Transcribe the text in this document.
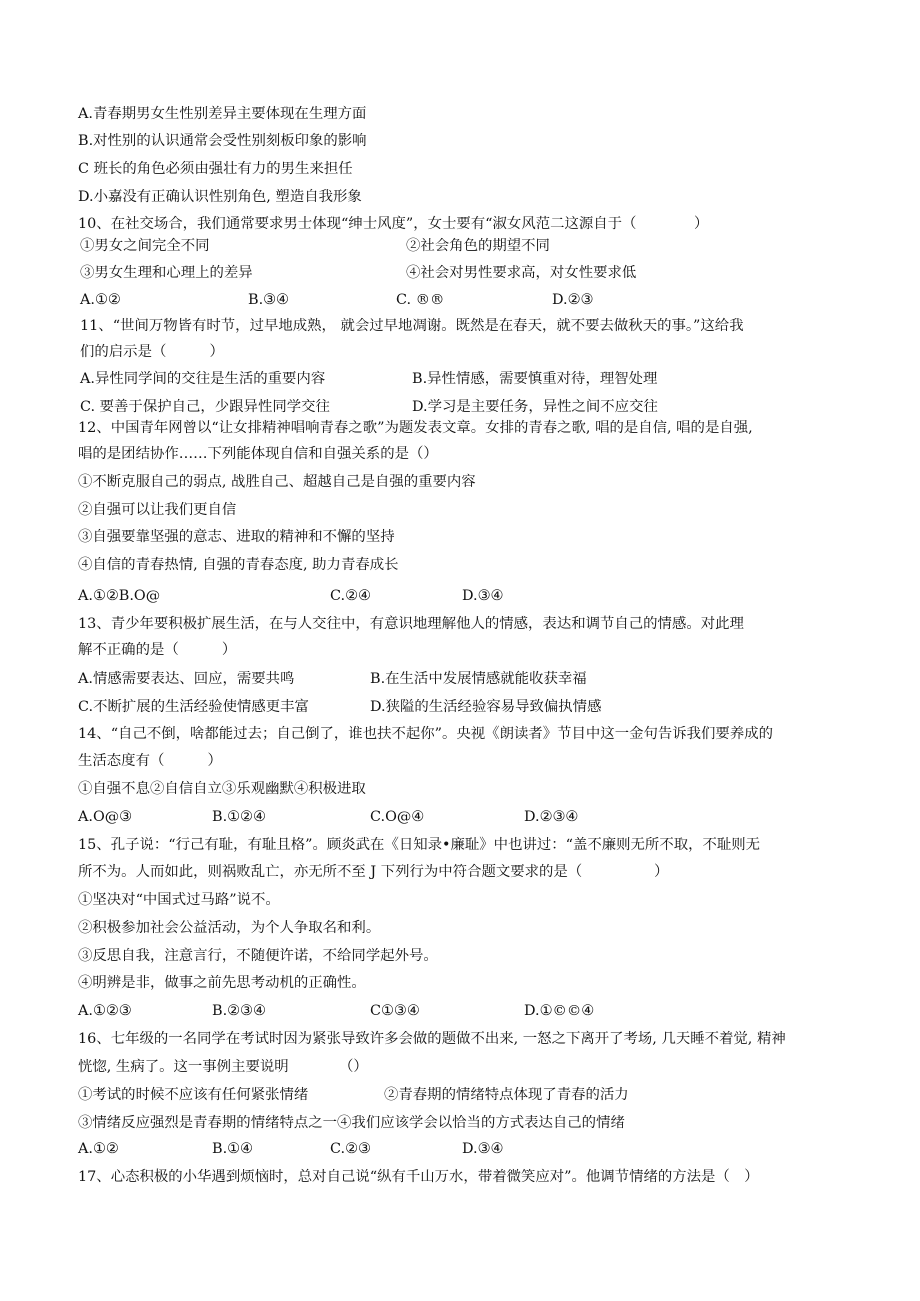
A.青春期男女生性别差异主要体现在生理方面
B.对性别的认识通常会受性别刻板印象的影响
C 班长的角色必须由强壮有力的男生来担任
D.小嘉没有正确认识性别角色, 塑造自我形象
10、在社交场合，我们通常要求男士体现“绅士风度”，女士要有“淑女风范二这源自于（　　　　）
①男女之间完全不同	②社会角色的期望不同
③男女生理和心理上的差异	④社会对男性要求高，对女性要求低
A.①②	B.③④	C. ®®	D.②③
11、“世间万物皆有时节，过早地成熟， 就会过早地凋谢。既然是在春天，就不要去做秋天的事。”这给我
们的启示是（　　　）
A.异性同学间的交往是生活的重要内容	B.异性情感，需要慎重对待，理智处理
C. 要善于保护自己，少跟异性同学交往	D.学习是主要任务，异性之间不应交往
12、中国青年网曾以“让女排精神唱响青春之歌”为题发表文章。女排的青春之歌, 唱的是自信, 唱的是自强,
唱的是团结协作……下列能体现自信和自强关系的是（）
①不断克服自己的弱点, 战胜自己、超越自己是自强的重要内容
②自强可以让我们更自信
③自强要靠坚强的意志、进取的精神和不懈的坚持
④自信的青春热情, 自强的青春态度, 助力青春成长
A.①②B.O@	C.②④	D.③④
13、青少年要积极扩展生活，在与人交往中，有意识地理解他人的情感，表达和调节自己的情感。对此理
解不正确的是（　　　）
A.情感需要表达、回应，需要共鸣	B.在生活中发展情感就能收获幸福
C.不断扩展的生活经验使情感更丰富	D.狭隘的生活经验容易导致偏执情感
14、“自己不倒，啥都能过去；自己倒了，谁也扶不起你”。央视《朗读者》节目中这一金句告诉我们要养成的
生活态度有（　　　）
①自强不息②自信自立③乐观幽默④积极进取
A.O@③	B.①②④	C.O@④	D.②③④
15、孔子说：“行己有耻，有耻且格”。顾炎武在《日知录•廉耻》中也讲过：“盖不廉则无所不取，不耻则无
所不为。人而如此，则祸败乱亡，亦无所不至 J 下列行为中符合题文要求的是（　　　　　）
①坚决对“中国式过马路”说不。
②积极参加社会公益活动，为个人争取名和利。
③反思自我，注意言行，不随便许诺，不给同学起外号。
④明辨是非，做事之前先思考动机的正确性。
A.①②③	B.②③④	C①③④	D.①©©④
16、七年级的一名同学在考试时因为紧张导致许多会做的题做不出来, 一怒之下离开了考场, 几天睡不着觉, 精神
恍惚, 生病了。这一事例主要说明　　　　（）
①考试的时候不应该有任何紧张情绪	②青春期的情绪特点体现了青春的活力
③情绪反应强烈是青春期的情绪特点之一④我们应该学会以恰当的方式表达自己的情绪
A.①②	B.①④	C.②③	D.③④
17、心态积极的小华遇到烦恼时，总对自己说“纵有千山万水，带着微笑应对”。他调节情绪的方法是（　）
